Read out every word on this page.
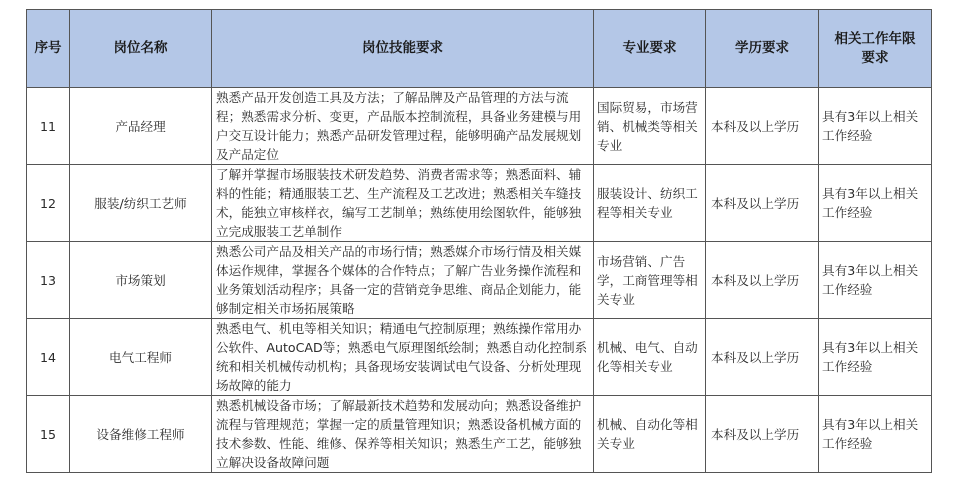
序号	岗位名称	岗位技能要求	专业要求	学历要求	相关工作年限要求
11	产品经理	熟悉产品开发创造工具及方法；了解品牌及产品管理的方法与流程；熟悉需求分析、变更，产品版本控制流程，具备业务建模与用户交互设计能力；熟悉产品研发管理过程，能够明确产品发展规划及产品定位	国际贸易，市场营销、机械类等相关专业	本科及以上学历	具有3年以上相关工作经验
12	服装/纺织工艺师	了解并掌握市场服装技术研发趋势、消费者需求等；熟悉面料、辅料的性能；精通服装工艺、生产流程及工艺改进；熟悉相关车缝技术，能独立审核样衣，编写工艺制单；熟练使用绘图软件，能够独立完成服装工艺单制作	服装设计、纺织工程等相关专业	本科及以上学历	具有3年以上相关工作经验
13	市场策划	熟悉公司产品及相关产品的市场行情；熟悉媒介市场行情及相关媒体运作规律，掌握各个媒体的合作特点；了解广告业务操作流程和业务策划活动程序；具备一定的营销竞争思维、商品企划能力，能够制定相关市场拓展策略	市场营销、广告学，工商管理等相关专业	本科及以上学历	具有3年以上相关工作经验
14	电气工程师	熟悉电气、机电等相关知识；精通电气控制原理；熟练操作常用办公软件、AutoCAD等；熟悉电气原理图纸绘制；熟悉自动化控制系统和相关机械传动机构；具备现场安装调试电气设备、分析处理现场故障的能力	机械、电气、自动化等相关专业	本科及以上学历	具有3年以上相关工作经验
15	设备维修工程师	熟悉机械设备市场；了解最新技术趋势和发展动向；熟悉设备维护流程与管理规范；掌握一定的质量管理知识；熟悉设备机械方面的技术参数、性能、维修、保养等相关知识；熟悉生产工艺，能够独立解决设备故障问题	机械、自动化等相关专业	本科及以上学历	具有3年以上相关工作经验
